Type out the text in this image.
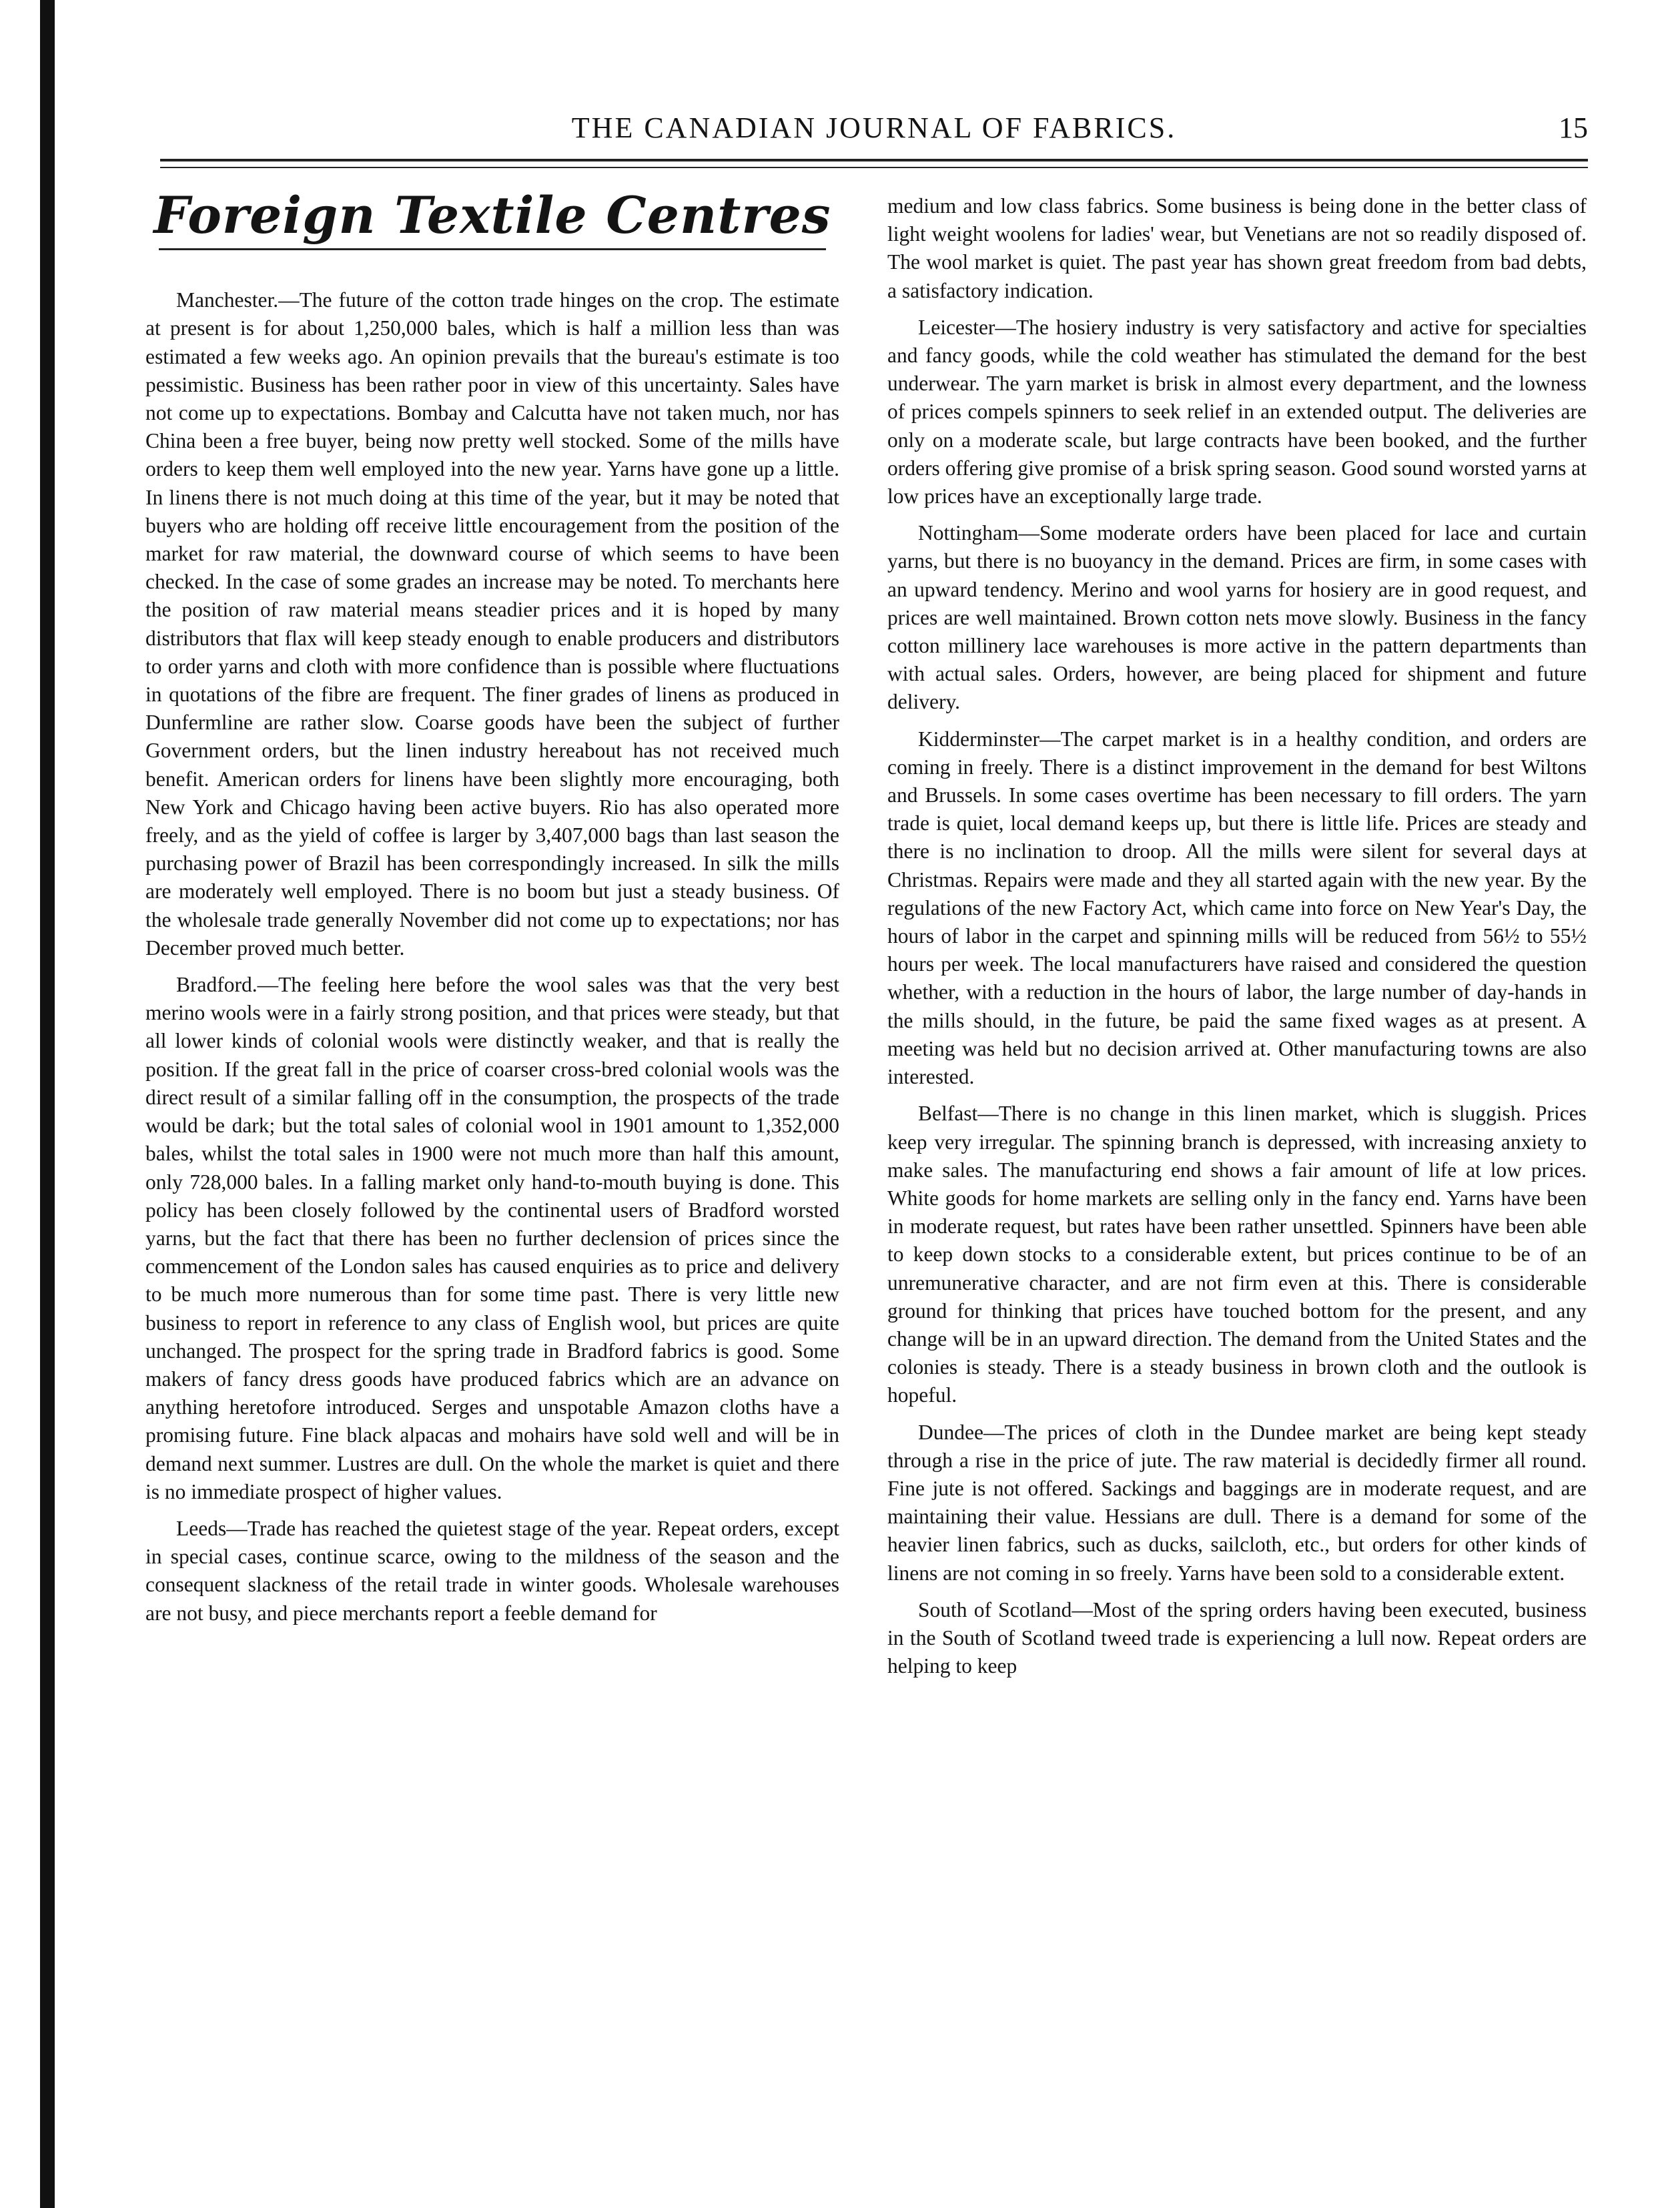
THE CANADIAN JOURNAL OF FABRICS.	15
Foreign Textile Centres

Manchester.—The future of the cotton trade hinges on the crop. The estimate at present is for about 1,250,000 bales, which is half a million less than was estimated a few weeks ago. An opinion prevails that the bureau's estimate is too pessimistic. Business has been rather poor in view of this uncertainty. Sales have not come up to expectations. Bombay and Calcutta have not taken much, nor has China been a free buyer, being now pretty well stocked. Some of the mills have orders to keep them well employed into the new year. Yarns have gone up a little. In linens there is not much doing at this time of the year, but it may be noted that buyers who are holding off receive little encouragement from the position of the market for raw material, the downward course of which seems to have been checked. In the case of some grades an increase may be noted. To merchants here the position of raw material means steadier prices and it is hoped by many distributors that flax will keep steady enough to enable producers and distributors to order yarns and cloth with more confidence than is possible where fluctuations in quotations of the fibre are frequent. The finer grades of linens as produced in Dunfermline are rather slow. Coarse goods have been the subject of further Government orders, but the linen industry hereabout has not received much benefit. American orders for linens have been slightly more encouraging, both New York and Chicago having been active buyers. Rio has also operated more freely, and as the yield of coffee is larger by 3,407,000 bags than last season the purchasing power of Brazil has been correspondingly increased. In silk the mills are moderately well employed. There is no boom but just a steady business. Of the wholesale trade generally November did not come up to expectations; nor has December proved much better.

Bradford.—The feeling here before the wool sales was that the very best merino wools were in a fairly strong position, and that prices were steady, but that all lower kinds of colonial wools were distinctly weaker, and that is really the position. If the great fall in the price of coarser cross-bred colonial wools was the direct result of a similar falling off in the consumption, the prospects of the trade would be dark; but the total sales of colonial wool in 1901 amount to 1,352,000 bales, whilst the total sales in 1900 were not much more than half this amount, only 728,000 bales. In a falling market only hand-to-mouth buying is done. This policy has been closely followed by the continental users of Bradford worsted yarns, but the fact that there has been no further declension of prices since the commencement of the London sales has caused enquiries as to price and delivery to be much more numerous than for some time past. There is very little new business to report in reference to any class of English wool, but prices are quite unchanged. The prospect for the spring trade in Bradford fabrics is good. Some makers of fancy dress goods have produced fabrics which are an advance on anything heretofore introduced. Serges and unspotable Amazon cloths have a promising future. Fine black alpacas and mohairs have sold well and will be in demand next summer. Lustres are dull. On the whole the market is quiet and there is no immediate prospect of higher values.

Leeds—Trade has reached the quietest stage of the year. Repeat orders, except in special cases, continue scarce, owing to the mildness of the season and the consequent slackness of the retail trade in winter goods. Wholesale warehouses are not busy, and piece merchants report a feeble demand for

medium and low class fabrics. Some business is being done in the better class of light weight woolens for ladies' wear, but Venetians are not so readily disposed of. The wool market is quiet. The past year has shown great freedom from bad debts, a satisfactory indication.

Leicester—The hosiery industry is very satisfactory and active for specialties and fancy goods, while the cold weather has stimulated the demand for the best underwear. The yarn market is brisk in almost every department, and the lowness of prices compels spinners to seek relief in an extended output. The deliveries are only on a moderate scale, but large contracts have been booked, and the further orders offering give promise of a brisk spring season. Good sound worsted yarns at low prices have an exceptionally large trade.

Nottingham—Some moderate orders have been placed for lace and curtain yarns, but there is no buoyancy in the demand. Prices are firm, in some cases with an upward tendency. Merino and wool yarns for hosiery are in good request, and prices are well maintained. Brown cotton nets move slowly. Business in the fancy cotton millinery lace warehouses is more active in the pattern departments than with actual sales. Orders, however, are being placed for shipment and future delivery.

Kidderminster—The carpet market is in a healthy condition, and orders are coming in freely. There is a distinct improvement in the demand for best Wiltons and Brussels. In some cases overtime has been necessary to fill orders. The yarn trade is quiet, local demand keeps up, but there is little life. Prices are steady and there is no inclination to droop. All the mills were silent for several days at Christmas. Repairs were made and they all started again with the new year. By the regulations of the new Factory Act, which came into force on New Year's Day, the hours of labor in the carpet and spinning mills will be reduced from 56½ to 55½ hours per week. The local manufacturers have raised and considered the question whether, with a reduction in the hours of labor, the large number of day-hands in the mills should, in the future, be paid the same fixed wages as at present. A meeting was held but no decision arrived at. Other manufacturing towns are also interested.

Belfast—There is no change in this linen market, which is sluggish. Prices keep very irregular. The spinning branch is depressed, with increasing anxiety to make sales. The manufacturing end shows a fair amount of life at low prices. White goods for home markets are selling only in the fancy end. Yarns have been in moderate request, but rates have been rather unsettled. Spinners have been able to keep down stocks to a considerable extent, but prices continue to be of an unremunerative character, and are not firm even at this. There is considerable ground for thinking that prices have touched bottom for the present, and any change will be in an upward direction. The demand from the United States and the colonies is steady. There is a steady business in brown cloth and the outlook is hopeful.

Dundee—The prices of cloth in the Dundee market are being kept steady through a rise in the price of jute. The raw material is decidedly firmer all round. Fine jute is not offered. Sackings and baggings are in moderate request, and are maintaining their value. Hessians are dull. There is a demand for some of the heavier linen fabrics, such as ducks, sailcloth, etc., but orders for other kinds of linens are not coming in so freely. Yarns have been sold to a considerable extent.

South of Scotland—Most of the spring orders having been executed, business in the South of Scotland tweed trade is experiencing a lull now. Repeat orders are helping to keep
